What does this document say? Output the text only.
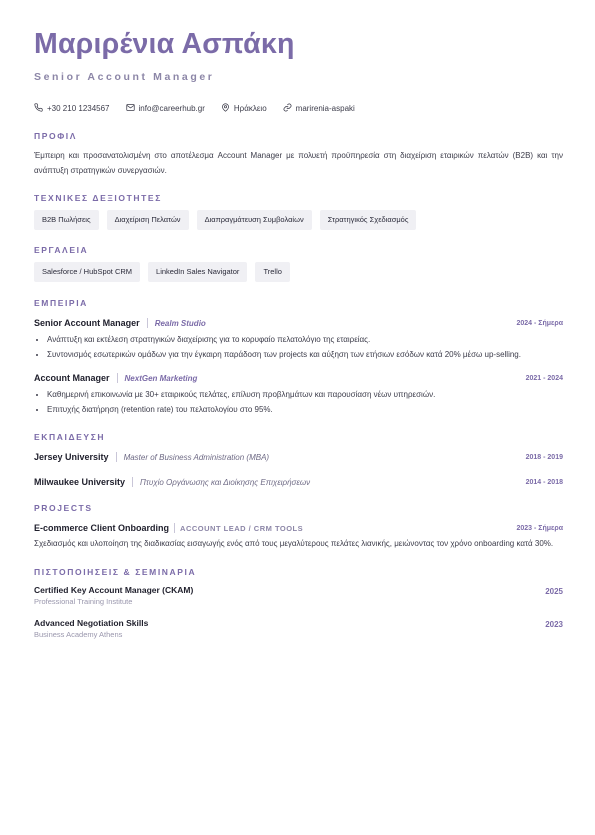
Μαριρένια Ασπάκη
Senior Account Manager
+30 210 1234567	info@careerhub.gr	Ηράκλειο	marirenia-aspaki
ΠΡΟΦΙΛ
Έμπειρη και προσανατολισμένη στο αποτέλεσμα Account Manager με πολυετή προϋπηρεσία στη διαχείριση εταιρικών πελατών (B2B) και την ανάπτυξη στρατηγικών συνεργασιών.
ΤΕΧΝΙΚΕΣ ΔΕΞΙΟΤΗΤΕΣ
B2B Πωλήσεις	Διαχείριση Πελατών	Διαπραγμάτευση Συμβολαίων	Στρατηγικός Σχεδιασμός
ΕΡΓΑΛΕΙΑ
Salesforce / HubSpot CRM	LinkedIn Sales Navigator	Trello
ΕΜΠΕΙΡΙΑ
Senior Account Manager Realm Studio	2024 - Σήμερα
• Ανάπτυξη και εκτέλεση στρατηγικών διαχείρισης για το κορυφαίο πελατολόγιο της εταιρείας.
• Συντονισμός εσωτερικών ομάδων για την έγκαιρη παράδοση των projects και αύξηση των ετήσιων εσόδων κατά 20% μέσω up-selling.
Account Manager NextGen Marketing	2021 - 2024
• Καθημερινή επικοινωνία με 30+ εταιρικούς πελάτες, επίλυση προβλημάτων και παρουσίαση νέων υπηρεσιών.
• Επιτυχής διατήρηση (retention rate) του πελατολογίου στο 95%.
ΕΚΠΑΙΔΕΥΣΗ
Jersey University Master of Business Administration (MBA)	2018 - 2019
Milwaukee University Πτυχίο Οργάνωσης και Διοίκησης Επιχειρήσεων	2014 - 2018
PROJECTS
E-commerce Client Onboarding ACCOUNT LEAD / CRM TOOLS	2023 - Σήμερα
Σχεδιασμός και υλοποίηση της διαδικασίας εισαγωγής ενός από τους μεγαλύτερους πελάτες λιανικής, μειώνοντας τον χρόνο onboarding κατά 30%.
ΠΙΣΤΟΠΟΙΗΣΕΙΣ & ΣΕΜΙΝΑΡΙΑ
Certified Key Account Manager (CKAM)
Professional Training Institute
2025
Advanced Negotiation Skills
Business Academy Athens
2023
